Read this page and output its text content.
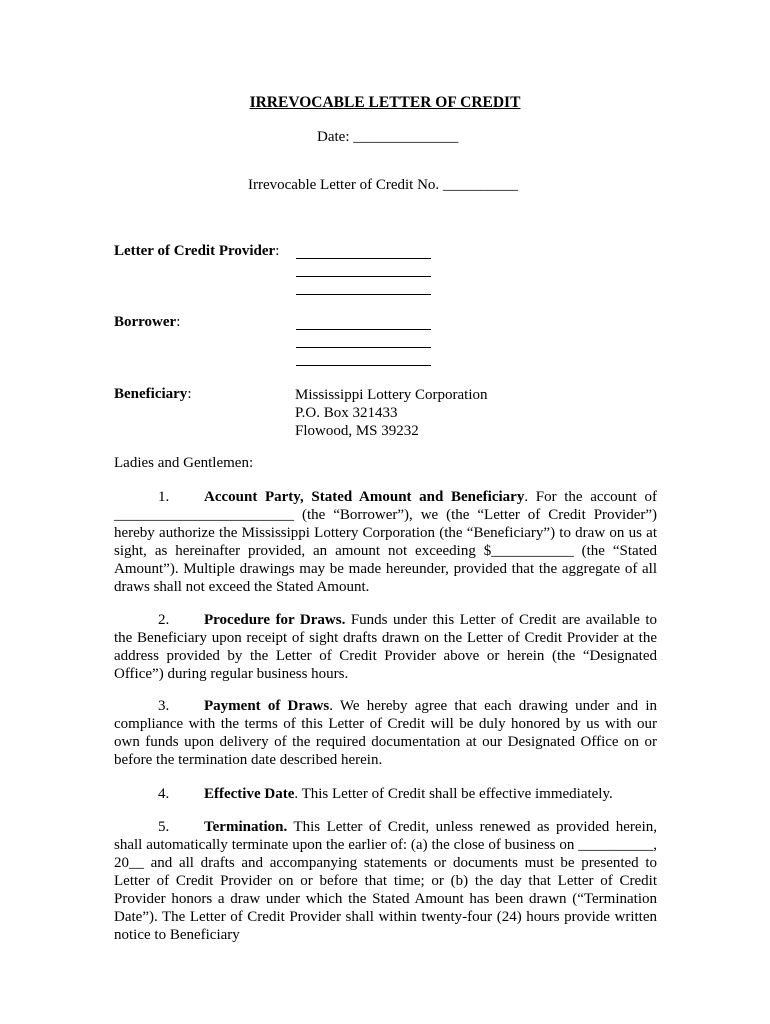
IRREVOCABLE LETTER OF CREDIT
Date: ______________
Irrevocable Letter of Credit No. __________
Letter of Credit Provider:
Borrower:
Beneficiary:	Mississippi Lottery Corporation
P.O. Box 321433
Flowood, MS 39232
Ladies and Gentlemen:
1. Account Party, Stated Amount and Beneficiary. For the account of ________________________ (the “Borrower”), we (the “Letter of Credit Provider”) hereby authorize the Mississippi Lottery Corporation (the “Beneficiary”) to draw on us at sight, as hereinafter provided, an amount not exceeding $___________ (the “Stated Amount”). Multiple drawings may be made hereunder, provided that the aggregate of all draws shall not exceed the Stated Amount.
2. Procedure for Draws. Funds under this Letter of Credit are available to the Beneficiary upon receipt of sight drafts drawn on the Letter of Credit Provider at the address provided by the Letter of Credit Provider above or herein (the “Designated Office”) during regular business hours.
3. Payment of Draws. We hereby agree that each drawing under and in compliance with the terms of this Letter of Credit will be duly honored by us with our own funds upon delivery of the required documentation at our Designated Office on or before the termination date described herein.
4. Effective Date. This Letter of Credit shall be effective immediately.
5. Termination. This Letter of Credit, unless renewed as provided herein, shall automatically terminate upon the earlier of: (a) the close of business on __________, 20__ and all drafts and accompanying statements or documents must be presented to Letter of Credit Provider on or before that time; or (b) the day that Letter of Credit Provider honors a draw under which the Stated Amount has been drawn (“Termination Date”). The Letter of Credit Provider shall within twenty-four (24) hours provide written notice to Beneficiary
